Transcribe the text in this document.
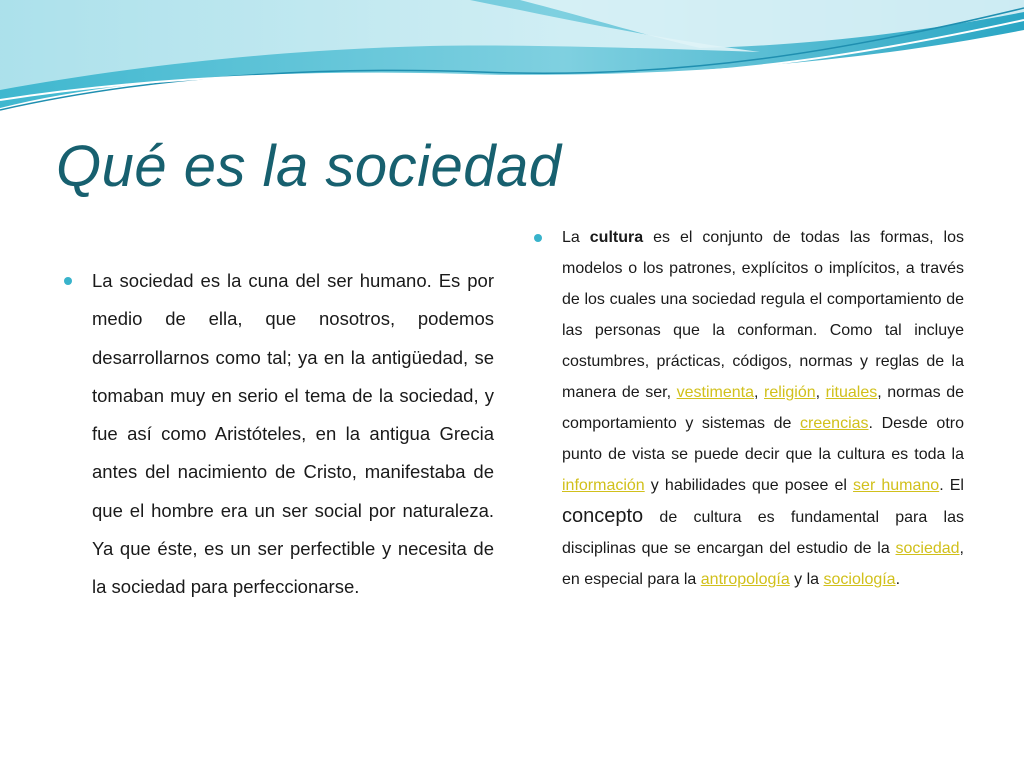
Qué es la sociedad
La sociedad es la cuna del ser humano. Es por medio de ella, que nosotros, podemos desarrollarnos como tal; ya en la antigüedad, se tomaban muy en serio el tema de la sociedad, y fue así como Aristóteles, en la antigua Grecia antes del nacimiento de Cristo, manifestaba de que el hombre era un ser social por naturaleza. Ya que éste, es un ser perfectible y necesita de la sociedad para perfeccionarse.
La cultura es el conjunto de todas las formas, los modelos o los patrones, explícitos o implícitos, a través de los cuales una sociedad regula el comportamiento de las personas que la conforman. Como tal incluye costumbres, prácticas, códigos, normas y reglas de la manera de ser, vestimenta, religión, rituales, normas de comportamiento y sistemas de creencias. Desde otro punto de vista se puede decir que la cultura es toda la información y habilidades que posee el ser humano. El concepto de cultura es fundamental para las disciplinas que se encargan del estudio de la sociedad, en especial para la antropología y la sociología.
